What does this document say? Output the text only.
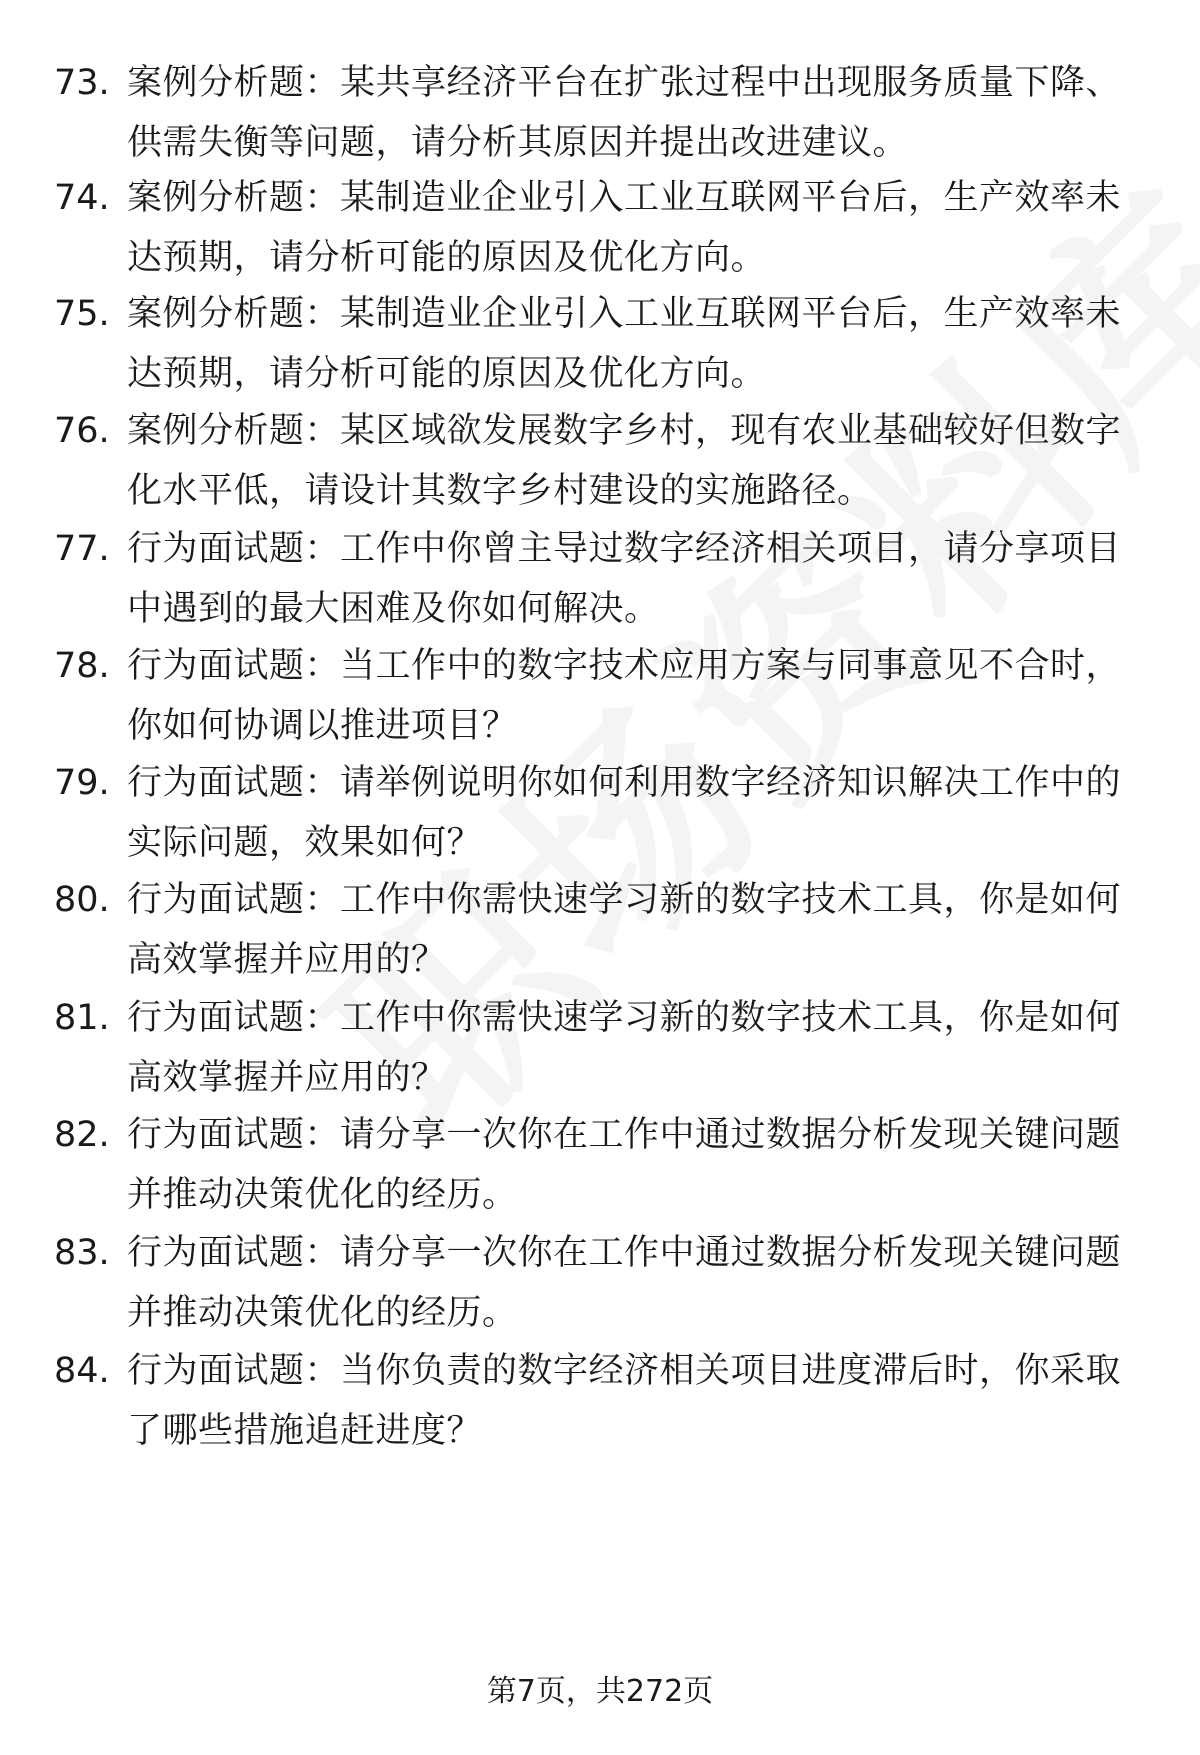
73. 案例分析题：某共享经济平台在扩张过程中出现服务质量下降、供需失衡等问题，请分析其原因并提出改进建议。
74. 案例分析题：某制造业企业引入工业互联网平台后，生产效率未达预期，请分析可能的原因及优化方向。
75. 案例分析题：某制造业企业引入工业互联网平台后，生产效率未达预期，请分析可能的原因及优化方向。
76. 案例分析题：某区域欲发展数字乡村，现有农业基础较好但数字化水平低，请设计其数字乡村建设的实施路径。
77. 行为面试题：工作中你曾主导过数字经济相关项目，请分享项目中遇到的最大困难及你如何解决。
78. 行为面试题：当工作中的数字技术应用方案与同事意见不合时，你如何协调以推进项目？
79. 行为面试题：请举例说明你如何利用数字经济知识解决工作中的实际问题，效果如何？
80. 行为面试题：工作中你需快速学习新的数字技术工具，你是如何高效掌握并应用的？
81. 行为面试题：工作中你需快速学习新的数字技术工具，你是如何高效掌握并应用的？
82. 行为面试题：请分享一次你在工作中通过数据分析发现关键问题并推动决策优化的经历。
83. 行为面试题：请分享一次你在工作中通过数据分析发现关键问题并推动决策优化的经历。
84. 行为面试题：当你负责的数字经济相关项目进度滞后时，你采取了哪些措施追赶进度？
第7页，共272页
